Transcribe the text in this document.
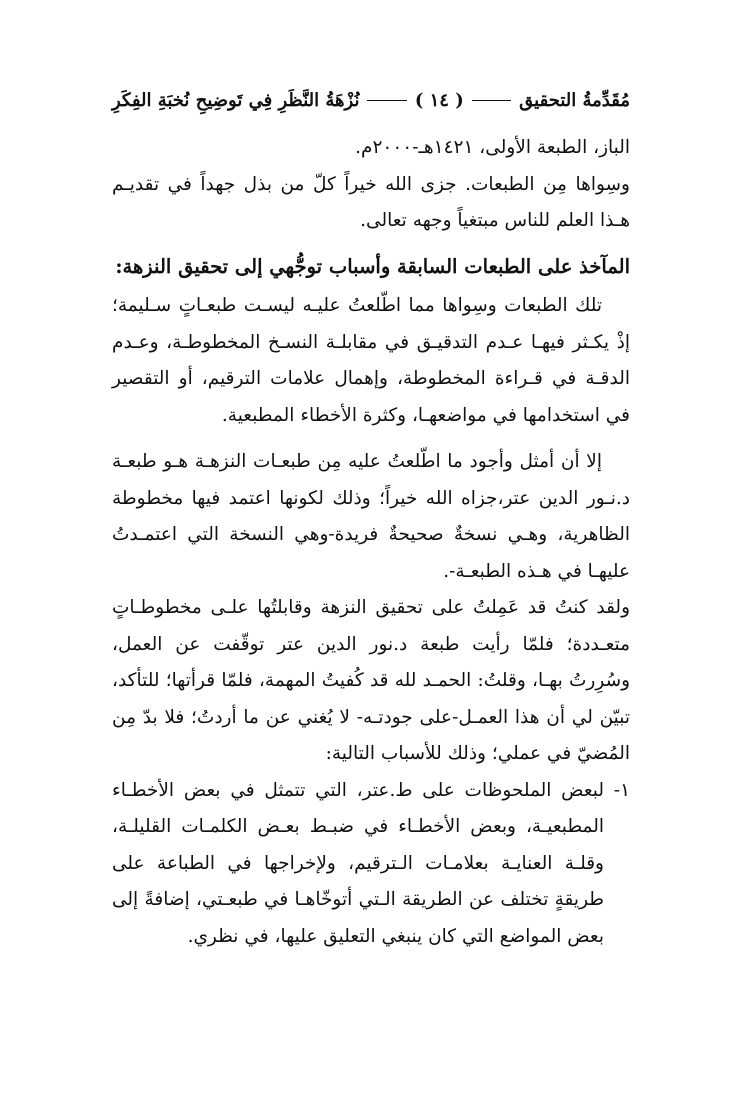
مُقَدِّمةُ التحقيق
( ١٤ )
نُزْهَةُ النَّظَرِ فِي تَوضِيحِ نُخبَةِ الفِكَرِ

الباز، الطبعة الأولى، ١٤٢١هـ-٢٠٠٠م.

وسِواها مِن الطبعات. جزى الله خيراً كلّ من بذل جهداً في تقديـم هـذا العلم للناس مبتغياً وجهه تعالى.

المآخذ على الطبعات السابقة وأسباب توجُّهي إلى تحقيق النزهة:

تلك الطبعات وسِواها مما اطّلعتُ عليـه ليسـت طبعـاتٍ سـليمة؛ إذْ يكـثر فيهـا عـدم التدقيـق في مقابلـة النسـخ المخطوطـة، وعـدم الدقـة في قـراءة المخطوطة، وإهمال علامات الترقيم، أو التقصير في استخدامها في مواضعهـا، وكثرة الأخطاء المطبعية.

إلا أن أمثل وأجود ما اطّلعتُ عليه مِن طبعـات النزهـة هـو طبعـة د.نـور الدين عتر،جزاه الله خيراً؛ وذلك لكونها اعتمد فيها مخطوطة الظاهرية، وهـي نسخةٌ صحيحةٌ فريدة-وهي النسخة التي اعتمـدتُ عليهـا في هـذه الطبعـة-.

ولقد كنتُ قد عَمِلتُ على تحقيق النزهة وقابلتُها علـى مخطوطـاتٍ متعـددة؛ فلمّا رأيت طبعة د.نور الدين عتر توقّفت عن العمل، وسُرِرتُ بهـا، وقلتُ: الحمـد لله قد كُفيتُ المهمة، فلمّا قرأتها؛ للتأكد، تبيّن لي أن هذا العمـل-على جودتـه- لا يُغني عن ما أردتُ؛ فلا بدّ مِن المُضيّ في عملي؛ وذلك للأسباب التالية:

١-
لبعض الملحوظات على ط.عتر، التي تتمثل في بعض الأخطـاء المطبعيـة، وبعض الأخطـاء في ضبـط بعـض الكلمـات القليلـة، وقلـة العنايـة بعلامـات الـترقيم، ولإخراجها في الطباعة على طريقةٍ تختلف عن الطريقة الـتي أتوخّاهـا في طبعـتي، إضافةً إلى بعض المواضع التي كان ينبغي التعليق عليها، في نظري.
